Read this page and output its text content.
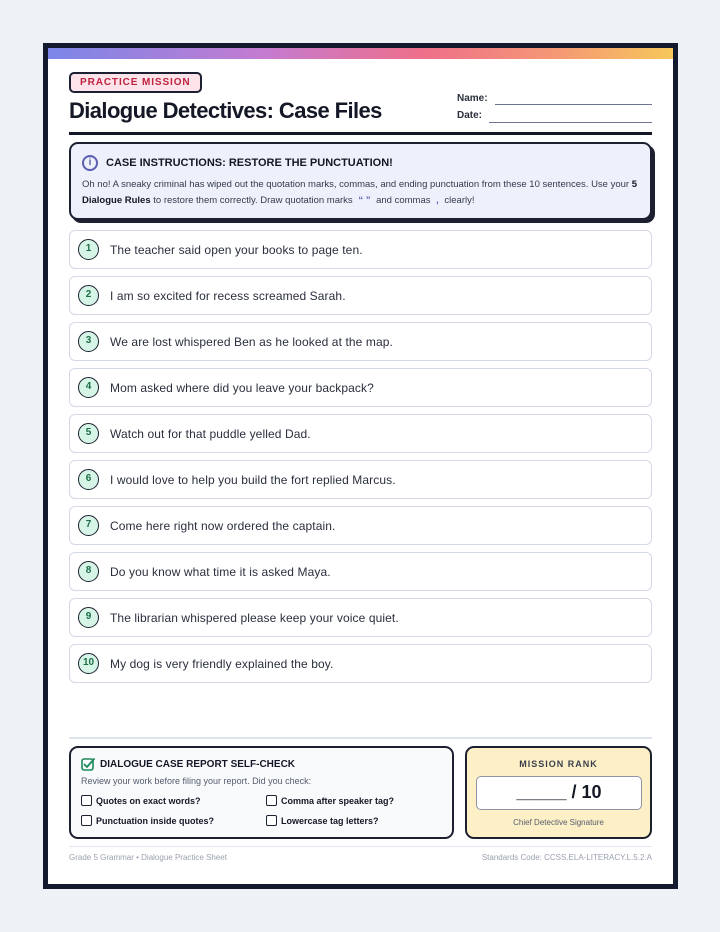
PRACTICE MISSION
Dialogue Detectives: Case Files	Name:
Date:
i	CASE INSTRUCTIONS: RESTORE THE PUNCTUATION!
Oh no! A sneaky criminal has wiped out the quotation marks, commas, and ending punctuation from these 10 sentences. Use your 5 Dialogue Rules to restore them correctly. Draw quotation marks “ ” and commas , clearly!
1	The teacher said open your books to page ten.
2	I am so excited for recess screamed Sarah.
3	We are lost whispered Ben as he looked at the map.
4	Mom asked where did you leave your backpack?
5	Watch out for that puddle yelled Dad.
6	I would love to help you build the fort replied Marcus.
7	Come here right now ordered the captain.
8	Do you know what time it is asked Maya.
9	The librarian whispered please keep your voice quiet.
10	My dog is very friendly explained the boy.
DIALOGUE CASE REPORT SELF-CHECK
Review your work before filing your report. Did you check:
Quotes on exact words?	Comma after speaker tag?
Punctuation inside quotes?	Lowercase tag letters?
MISSION RANK
_____ / 10
Chief Detective Signature
Grade 5 Grammar • Dialogue Practice Sheet	Standards Code: CCSS.ELA-LITERACY.L.5.2.A
